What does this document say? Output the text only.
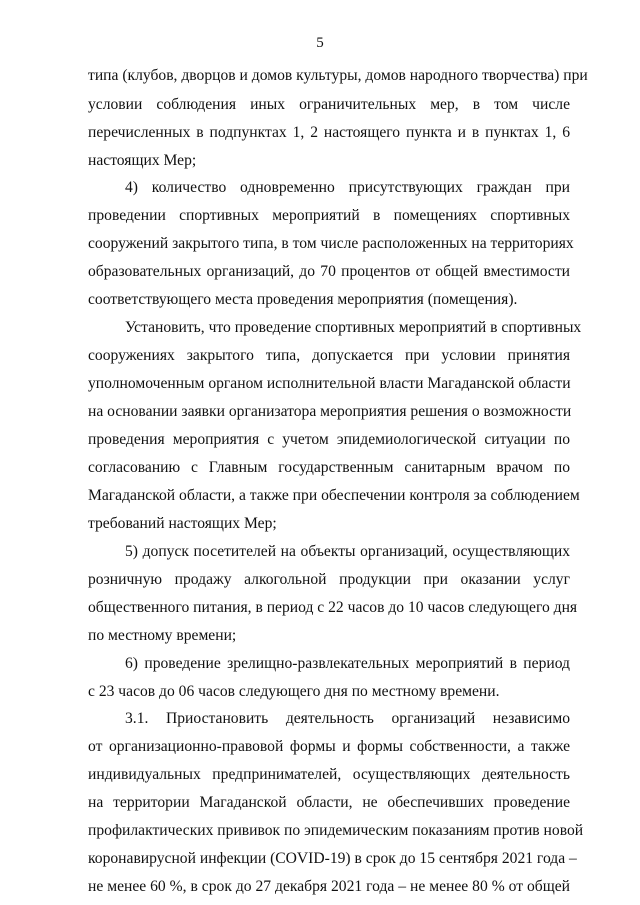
5
типа (клубов, дворцов и домов культуры, домов народного творчества) при
условии соблюдения иных ограничительных мер, в том числе
перечисленных в подпунктах 1, 2 настоящего пункта и в пунктах 1, 6
настоящих Мер;
4) количество одновременно присутствующих граждан при
проведении спортивных мероприятий в помещениях спортивных
сооружений закрытого типа, в том числе расположенных на территориях
образовательных организаций, до 70 процентов от общей вместимости
соответствующего места проведения мероприятия (помещения).
Установить, что проведение спортивных мероприятий в спортивных
сооружениях закрытого типа, допускается при условии принятия
уполномоченным органом исполнительной власти Магаданской области
на основании заявки организатора мероприятия решения о возможности
проведения мероприятия с учетом эпидемиологической ситуации по
согласованию с Главным государственным санитарным врачом по
Магаданской области, а также при обеспечении контроля за соблюдением
требований настоящих Мер;
5) допуск посетителей на объекты организаций, осуществляющих
розничную продажу алкогольной продукции при оказании услуг
общественного питания, в период с 22 часов до 10 часов следующего дня
по местному времени;
6) проведение зрелищно-развлекательных мероприятий в период
с 23 часов до 06 часов следующего дня по местному времени.
3.1. Приостановить деятельность организаций независимо
от организационно-правовой формы и формы собственности, а также
индивидуальных предпринимателей, осуществляющих деятельность
на территории Магаданской области, не обеспечивших проведение
профилактических прививок по эпидемическим показаниям против новой
коронавирусной инфекции (COVID-19) в срок до 15 сентября 2021 года –
не менее 60 %, в срок до 27 декабря 2021 года – не менее 80 % от общей
